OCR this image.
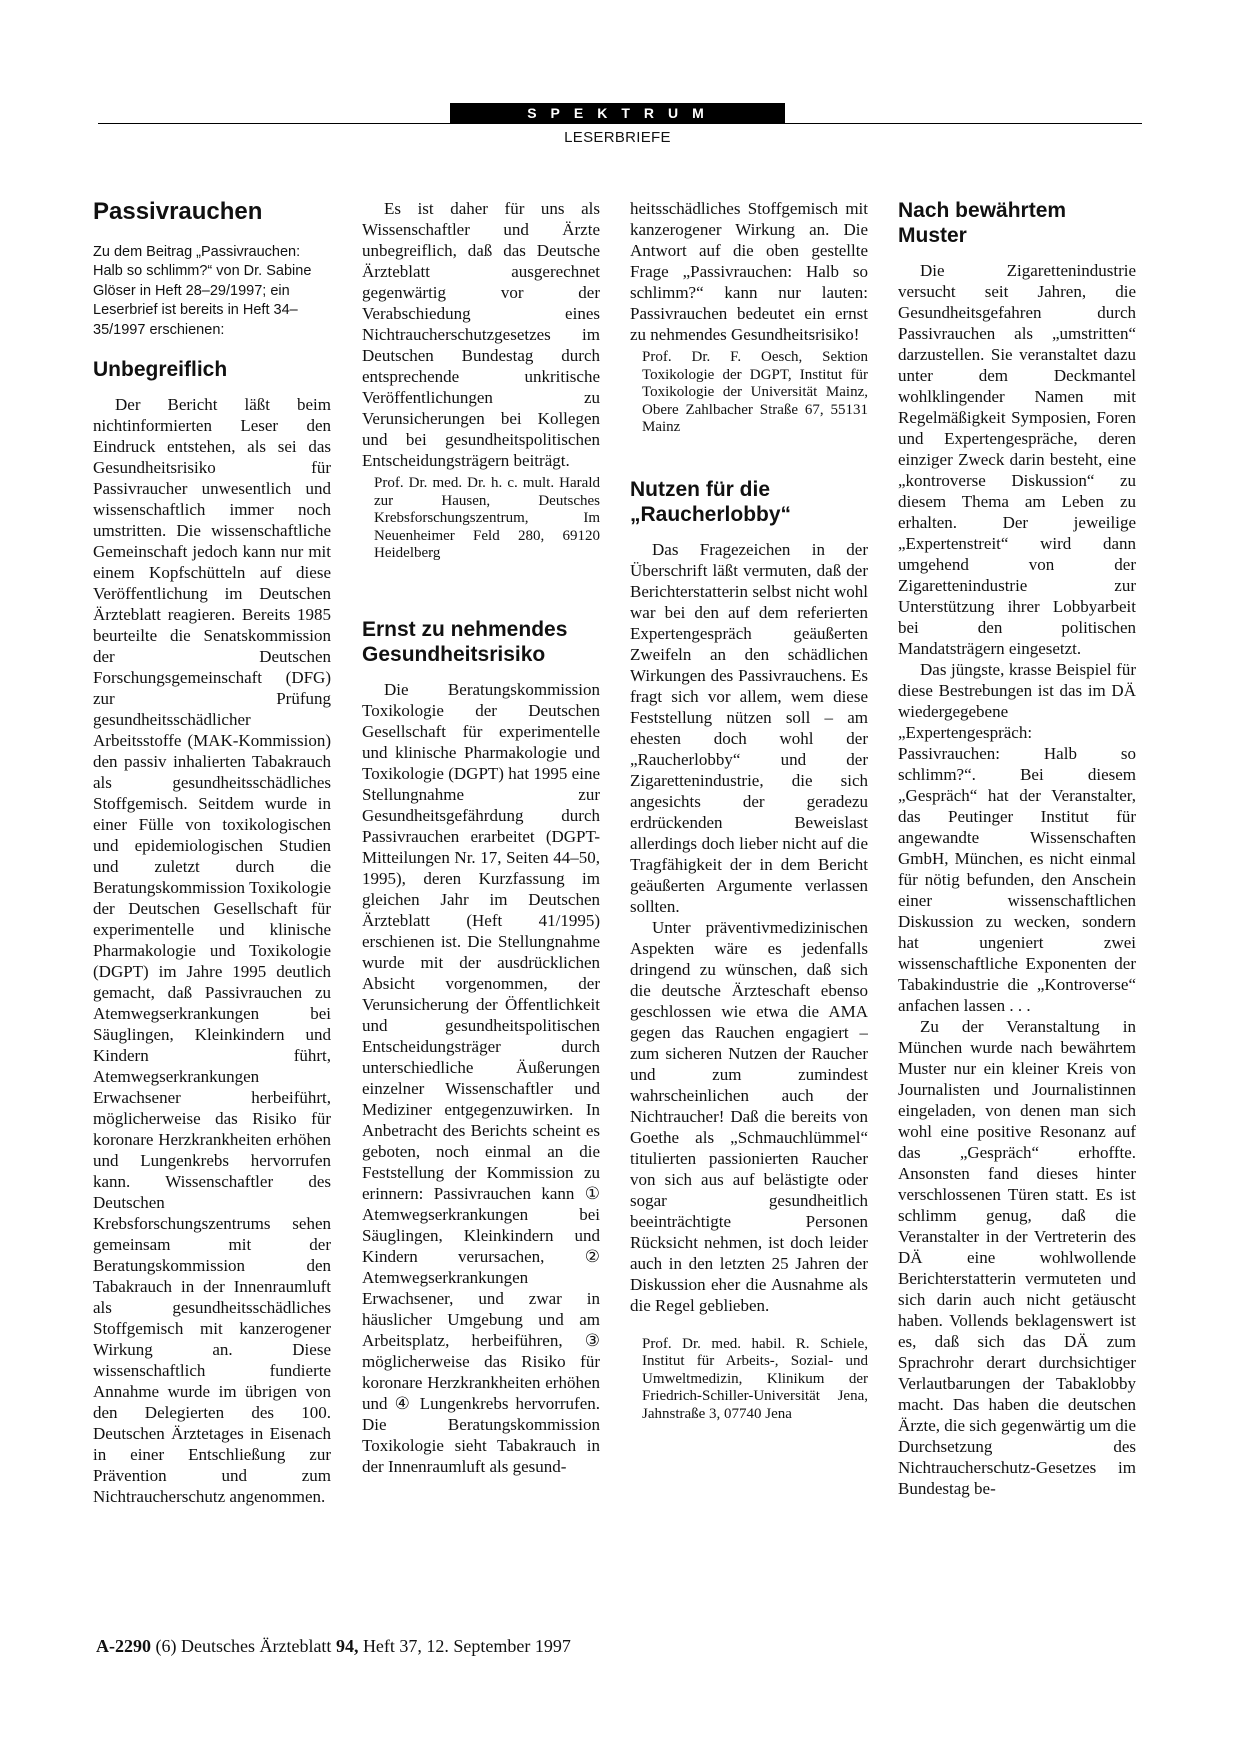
SPEKTRUM
LESERBRIEFE
Passivrauchen

Zu dem Beitrag „Passivrauchen: Halb so schlimm?“ von Dr. Sabine Glöser in Heft 28–29/1997; ein Leserbrief ist bereits in Heft 34–35/1997 erschienen:

Unbegreiflich

Der Bericht läßt beim nichtinformierten Leser den Eindruck entstehen, als sei das Gesundheitsrisiko für Passivraucher unwesentlich und wissenschaftlich immer noch umstritten. Die wissenschaftliche Gemeinschaft jedoch kann nur mit einem Kopfschütteln auf diese Veröffentlichung im Deutschen Ärzteblatt reagieren. Bereits 1985 beurteilte die Senatskommission der Deutschen Forschungsgemeinschaft (DFG) zur Prüfung gesundheitsschädlicher Arbeitsstoffe (MAK-Kommission) den passiv inhalierten Tabakrauch als gesundheitsschädliches Stoffgemisch. Seitdem wurde in einer Fülle von toxikologischen und epidemiologischen Studien und zuletzt durch die Beratungskommission Toxikologie der Deutschen Gesellschaft für experimentelle und klinische Pharmakologie und Toxikologie (DGPT) im Jahre 1995 deutlich gemacht, daß Passivrauchen zu Atemwegserkrankungen bei Säuglingen, Kleinkindern und Kindern führt, Atemwegserkrankungen Erwachsener herbeiführt, möglicherweise das Risiko für koronare Herzkrankheiten erhöhen und Lungenkrebs hervorrufen kann. Wissenschaftler des Deutschen Krebsforschungszentrums sehen gemeinsam mit der Beratungskommission den Tabakrauch in der Innenraumluft als gesundheitsschädliches Stoffgemisch mit kanzerogener Wirkung an. Diese wissenschaftlich fundierte Annahme wurde im übrigen von den Delegierten des 100. Deutschen Ärztetages in Eisenach in einer Entschließung zur Prävention und zum Nichtraucherschutz angenommen.

Es ist daher für uns als Wissenschaftler und Ärzte unbegreiflich, daß das Deutsche Ärzteblatt ausgerechnet gegenwärtig vor der Verabschiedung eines Nichtraucherschutzgesetzes im Deutschen Bundestag durch entsprechende unkritische Veröffentlichungen zu Verunsicherungen bei Kollegen und bei gesundheitspolitischen Entscheidungsträgern beiträgt.

Prof. Dr. med. Dr. h. c. mult. Harald zur Hausen, Deutsches Krebsforschungszentrum, Im Neuenheimer Feld 280, 69120 Heidelberg

Ernst zu nehmendes Gesundheitsrisiko

Die Beratungskommission Toxikologie der Deutschen Gesellschaft für experimentelle und klinische Pharmakologie und Toxikologie (DGPT) hat 1995 eine Stellungnahme zur Gesundheitsgefährdung durch Passivrauchen erarbeitet (DGPT-Mitteilungen Nr. 17, Seiten 44–50, 1995), deren Kurzfassung im gleichen Jahr im Deutschen Ärzteblatt (Heft 41/1995) erschienen ist. Die Stellungnahme wurde mit der ausdrücklichen Absicht vorgenommen, der Verunsicherung der Öffentlichkeit und gesundheitspolitischen Entscheidungsträger durch unterschiedliche Äußerungen einzelner Wissenschaftler und Mediziner entgegenzuwirken. In Anbetracht des Berichts scheint es geboten, noch einmal an die Feststellung der Kommission zu erinnern: Passivrauchen kann ① Atemwegserkrankungen bei Säuglingen, Kleinkindern und Kindern verursachen, ② Atemwegserkrankungen Erwachsener, und zwar in häuslicher Umgebung und am Arbeitsplatz, herbeiführen, ③ möglicherweise das Risiko für koronare Herzkrankheiten erhöhen und ④ Lungenkrebs hervorrufen. Die Beratungskommission Toxikologie sieht Tabakrauch in der Innenraumluft als gesund-

heitsschädliches Stoffgemisch mit kanzerogener Wirkung an. Die Antwort auf die oben gestellte Frage „Passivrauchen: Halb so schlimm?“ kann nur lauten: Passivrauchen bedeutet ein ernst zu nehmendes Gesundheitsrisiko!

Prof. Dr. F. Oesch, Sektion Toxikologie der DGPT, Institut für Toxikologie der Universität Mainz, Obere Zahlbacher Straße 67, 55131 Mainz

Nutzen für die „Raucherlobby“

Das Fragezeichen in der Überschrift läßt vermuten, daß der Berichterstatterin selbst nicht wohl war bei den auf dem referierten Expertengespräch geäußerten Zweifeln an den schädlichen Wirkungen des Passivrauchens. Es fragt sich vor allem, wem diese Feststellung nützen soll – am ehesten doch wohl der „Raucherlobby“ und der Zigarettenindustrie, die sich angesichts der geradezu erdrückenden Beweislast allerdings doch lieber nicht auf die Tragfähigkeit der in dem Bericht geäußerten Argumente verlassen sollten.

Unter präventivmedizinischen Aspekten wäre es jedenfalls dringend zu wünschen, daß sich die deutsche Ärzteschaft ebenso geschlossen wie etwa die AMA gegen das Rauchen engagiert – zum sicheren Nutzen der Raucher und zum zumindest wahrscheinlichen auch der Nichtraucher! Daß die bereits von Goethe als „Schmauchlümmel“ titulierten passionierten Raucher von sich aus auf belästigte oder sogar gesundheitlich beeinträchtigte Personen Rücksicht nehmen, ist doch leider auch in den letzten 25 Jahren der Diskussion eher die Ausnahme als die Regel geblieben.

Prof. Dr. med. habil. R. Schiele, Institut für Arbeits-, Sozial- und Umweltmedizin, Klinikum der Friedrich-Schiller-Universität Jena, Jahnstraße 3, 07740 Jena

Nach bewährtem Muster

Die Zigarettenindustrie versucht seit Jahren, die Gesundheitsgefahren durch Passivrauchen als „umstritten“ darzustellen. Sie veranstaltet dazu unter dem Deckmantel wohlklingender Namen mit Regelmäßigkeit Symposien, Foren und Expertengespräche, deren einziger Zweck darin besteht, eine „kontroverse Diskussion“ zu diesem Thema am Leben zu erhalten. Der jeweilige „Expertenstreit“ wird dann umgehend von der Zigarettenindustrie zur Unterstützung ihrer Lobbyarbeit bei den politischen Mandatsträgern eingesetzt.

Das jüngste, krasse Beispiel für diese Bestrebungen ist das im DÄ wiedergegebene „Expertengespräch: Passivrauchen: Halb so schlimm?“. Bei diesem „Gespräch“ hat der Veranstalter, das Peutinger Institut für angewandte Wissenschaften GmbH, München, es nicht einmal für nötig befunden, den Anschein einer wissenschaftlichen Diskussion zu wecken, sondern hat ungeniert zwei wissenschaftliche Exponenten der Tabakindustrie die „Kontroverse“ anfachen lassen . . .

Zu der Veranstaltung in München wurde nach bewährtem Muster nur ein kleiner Kreis von Journalisten und Journalistinnen eingeladen, von denen man sich wohl eine positive Resonanz auf das „Gespräch“ erhoffte. Ansonsten fand dieses hinter verschlossenen Türen statt. Es ist schlimm genug, daß die Veranstalter in der Vertreterin des DÄ eine wohlwollende Berichterstatterin vermuteten und sich darin auch nicht getäuscht haben. Vollends beklagenswert ist es, daß sich das DÄ zum Sprachrohr derart durchsichtiger Verlautbarungen der Tabaklobby macht. Das haben die deutschen Ärzte, die sich gegenwärtig um die Durchsetzung des Nichtraucherschutz-Gesetzes im Bundestag be-

A-2290 (6) Deutsches Ärzteblatt 94, Heft 37, 12. September 1997
